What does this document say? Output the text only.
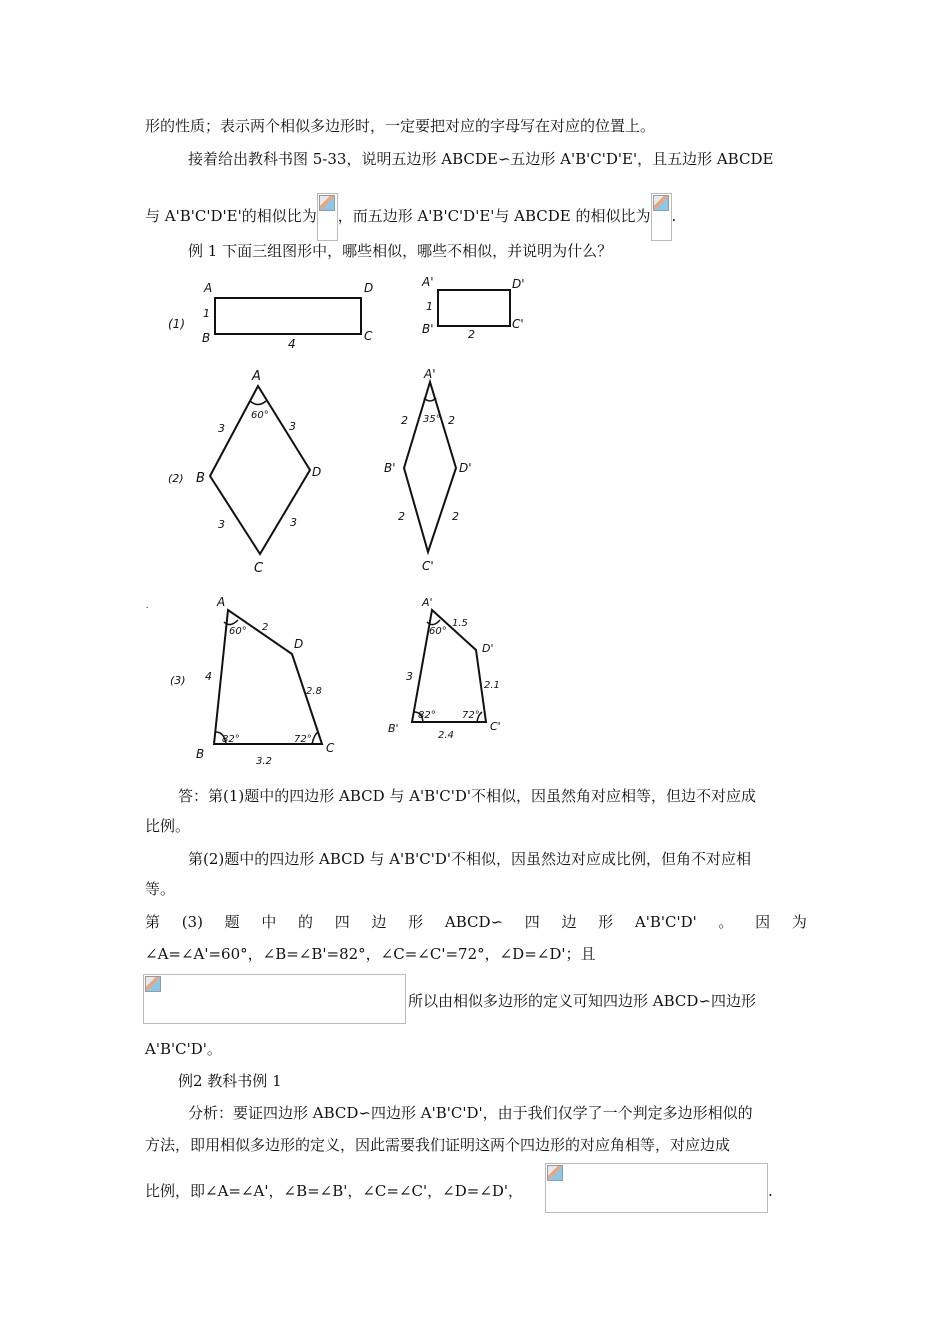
形的性质；表示两个相似多边形时，一定要把对应的字母写在对应的位置上。
接着给出教科书图 5-33，说明五边形 ABCDE∽五边形 A'B'C'D'E'，且五边形 ABCDE
与 A'B'C'D'E'的相似比为 ，而五边形 A'B'C'D'E'与 ABCDE 的相似比为 .
例 1 下面三组图形中，哪些相似，哪些不相似，并说明为什么？
(1)
A
B
D
C
1
4
A'
B'
D'
C'
1
2
(2)
A
B	D
C
60°
3	3
3	3
A'
B'	D'
C'
35°
2	2
2	2
.
(3)
A
B	C
D
60°
82°	72°
2
4
2.8
3.2
A'
B'	C'
D'
60°
82°	72°
1.5
3
2.1
2.4
答：第(1)题中的四边形 ABCD 与 A'B'C'D'不相似，因虽然角对应相等，但边不对应成
比例。
第(2)题中的四边形 ABCD 与 A'B'C'D'不相似，因虽然边对应成比例，但角不对应相
等。
第 (3) 题 中 的 四 边 形 ABCD∽ 四 边 形 A'B'C'D' 。 因 为
∠A=∠A'=60°，∠B=∠B'=82°，∠C=∠C'=72°，∠D=∠D'；且
所以由相似多边形的定义可知四边形 ABCD∽四边形
A'B'C'D'。
例2 教科书例 1
分析：要证四边形 ABCD∽四边形 A'B'C'D'，由于我们仅学了一个判定多边形相似的
方法，即用相似多边形的定义，因此需要我们证明这两个四边形的对应角相等，对应边成
比例，即∠A=∠A'，∠B=∠B'，∠C=∠C'，∠D=∠D'，	.
